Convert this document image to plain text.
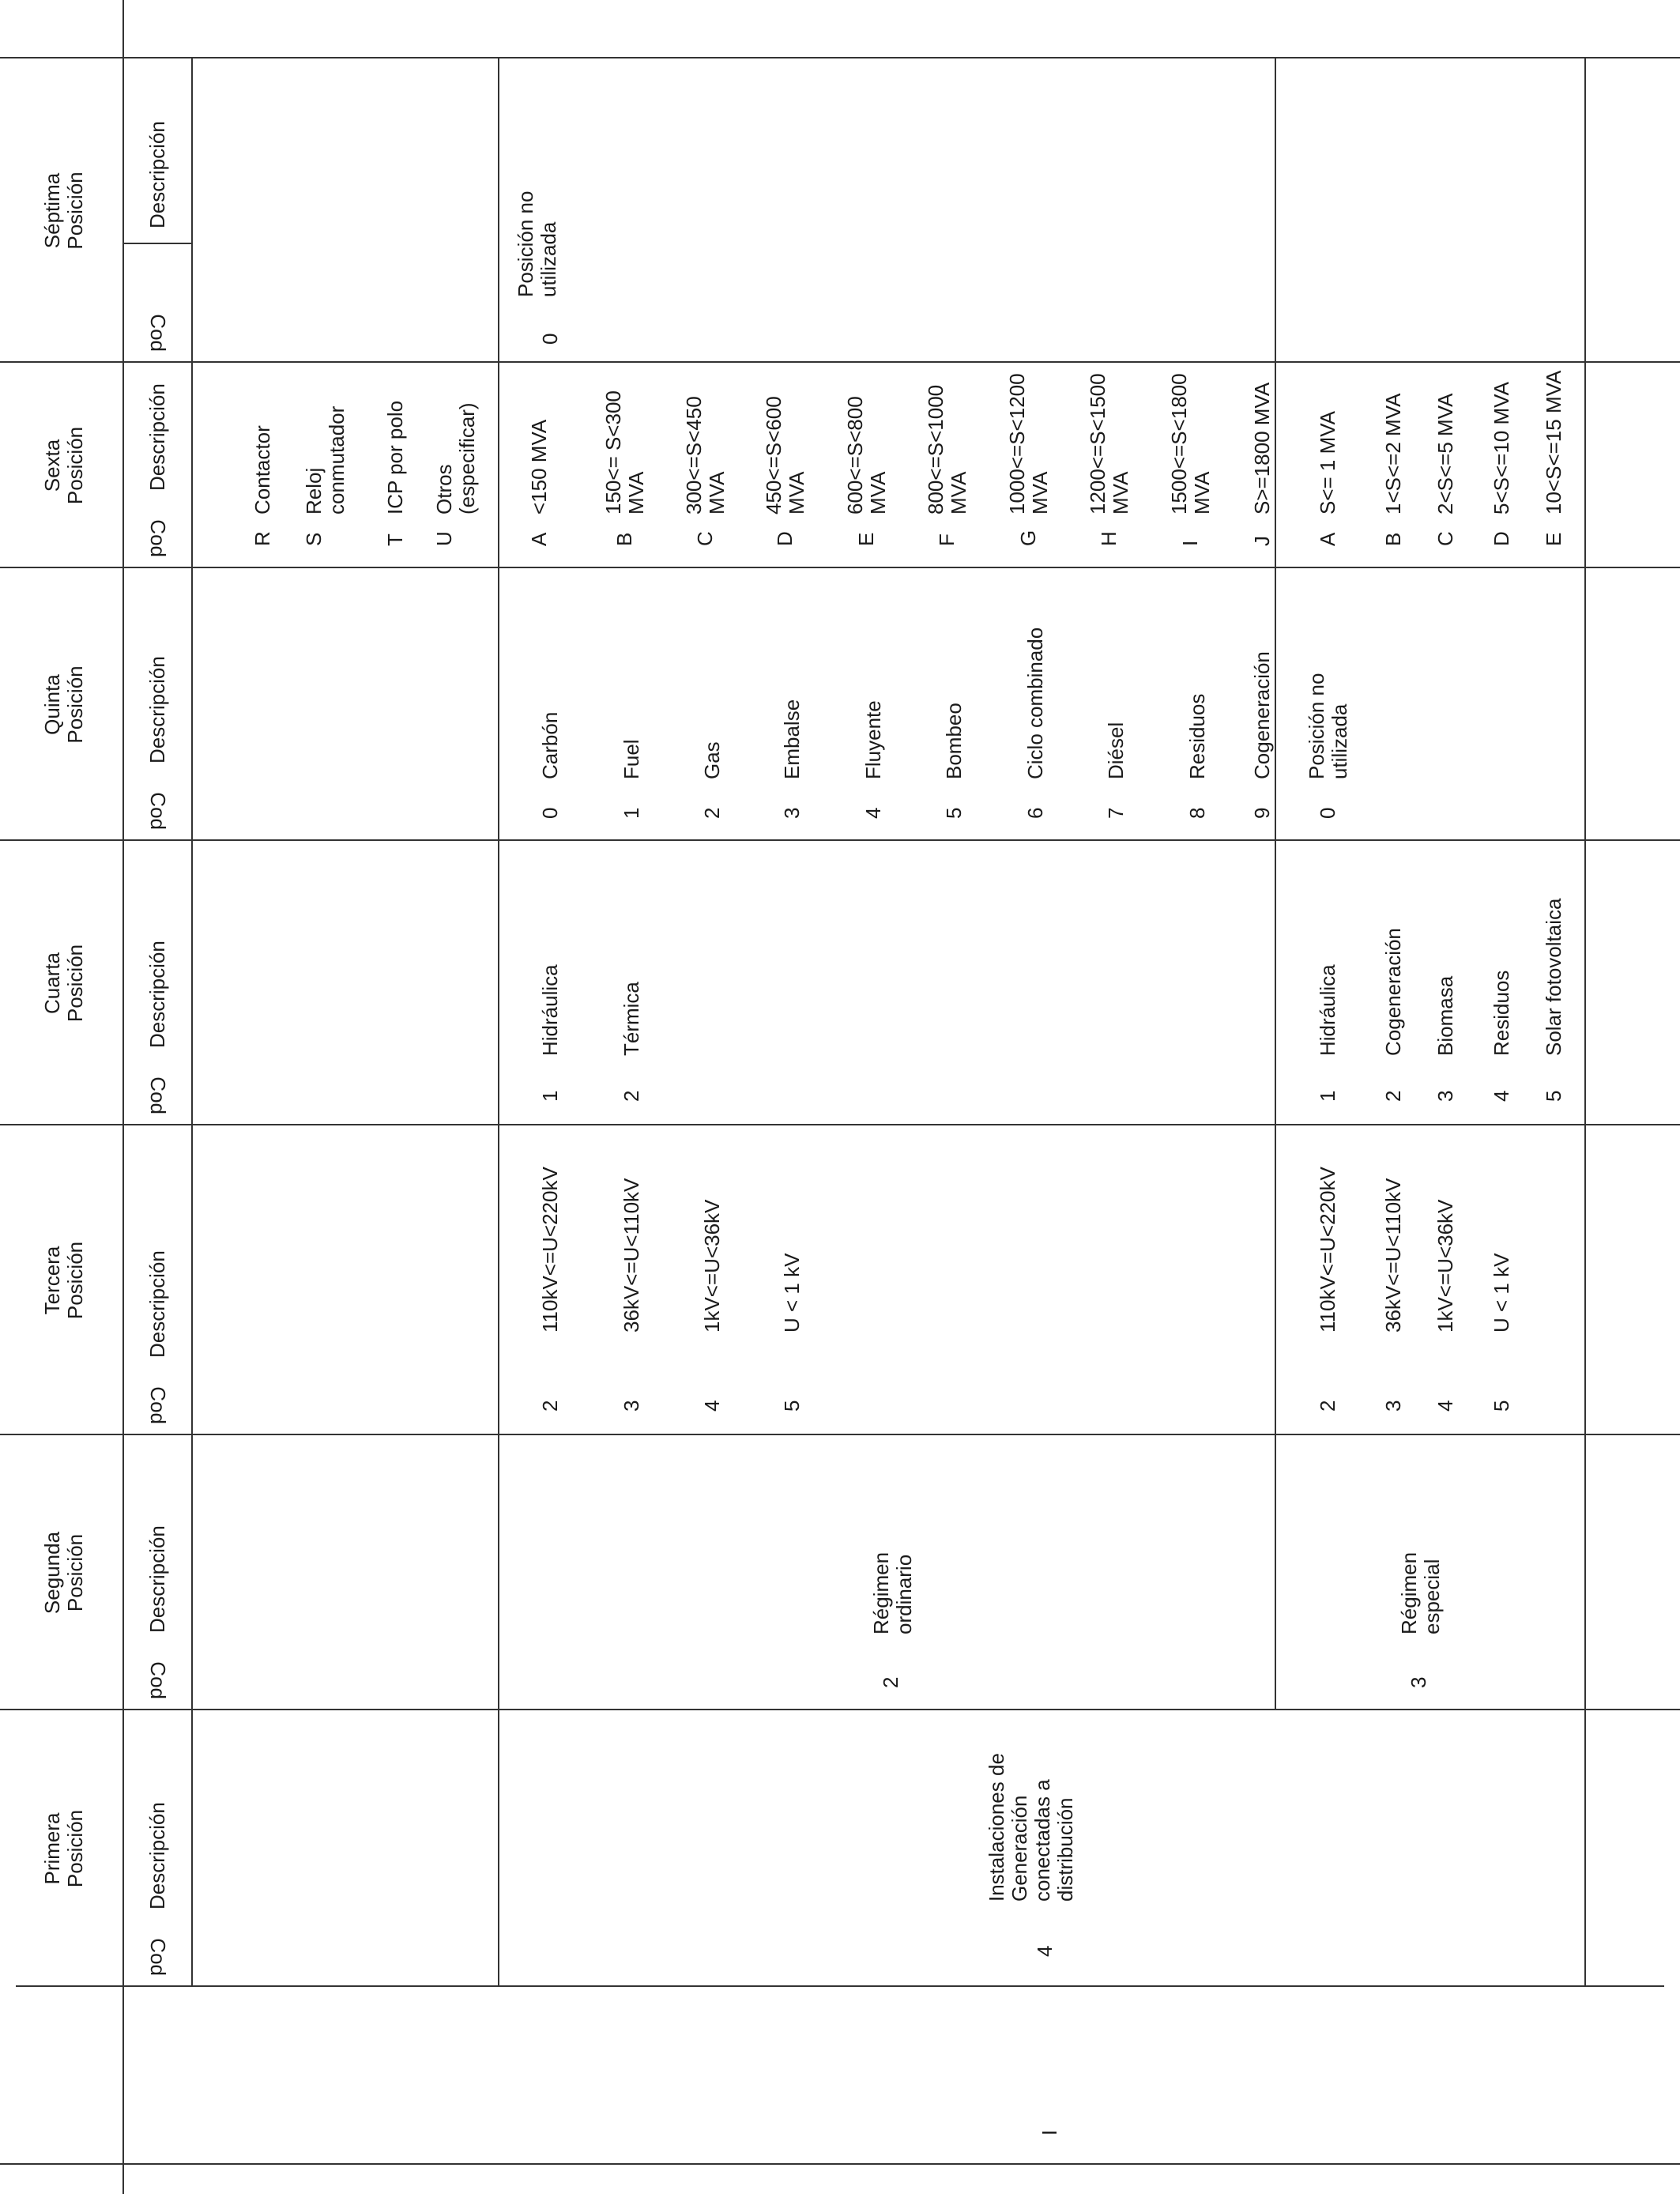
Primera Posición
Cod
Descripción
Segunda Posición
Cod
Descripción
Tercera Posición
Cod
Descripción
Cuarta Posición
Cod
Descripción
Quinta Posición
Cod
Descripción
Sexta Posición
Cod
Descripción
Séptima Posición
Cod
Descripción
I
4
Instalaciones de Generación conectadas a distribución
2
Régimen ordinario
3
Régimen especial
2
110kV<=U<220kV
3
36kV<=U<110kV
4
1kV<=U<36kV
5
U < 1 kV
2
110kV<=U<220kV
3
36kV<=U<110kV
4
1kV<=U<36kV
5
U < 1 kV
1
Hidráulica
2
Térmica
1
Hidráulica
2
Cogeneración
3
Biomasa
4
Residuos
5
Solar fotovoltaica
0
Carbón
1
Fuel
2
Gas
3
Embalse
4
Fluyente
5
Bombeo
6
Ciclo combinado
7
Diésel
8
Residuos
9
Cogeneración
0
Posición no utilizada
R
Contactor
S
Reloj conmutador
T
ICP por polo
U
Otros (especificar)
A
<150 MVA
B
150<= S<300 MVA
C
300<=S<450 MVA
D
450<=S<600 MVA
E
600<=S<800 MVA
F
800<=S<1000 MVA
G
1000<=S<1200 MVA
H
1200<=S<1500 MVA
I
1500<=S<1800 MVA
J
S>=1800 MVA
A
S<= 1 MVA
B
1<S<=2 MVA
C
2<S<=5 MVA
D
5<S<=10 MVA
E
10<S<=15 MVA
0
Posición no utilizada
